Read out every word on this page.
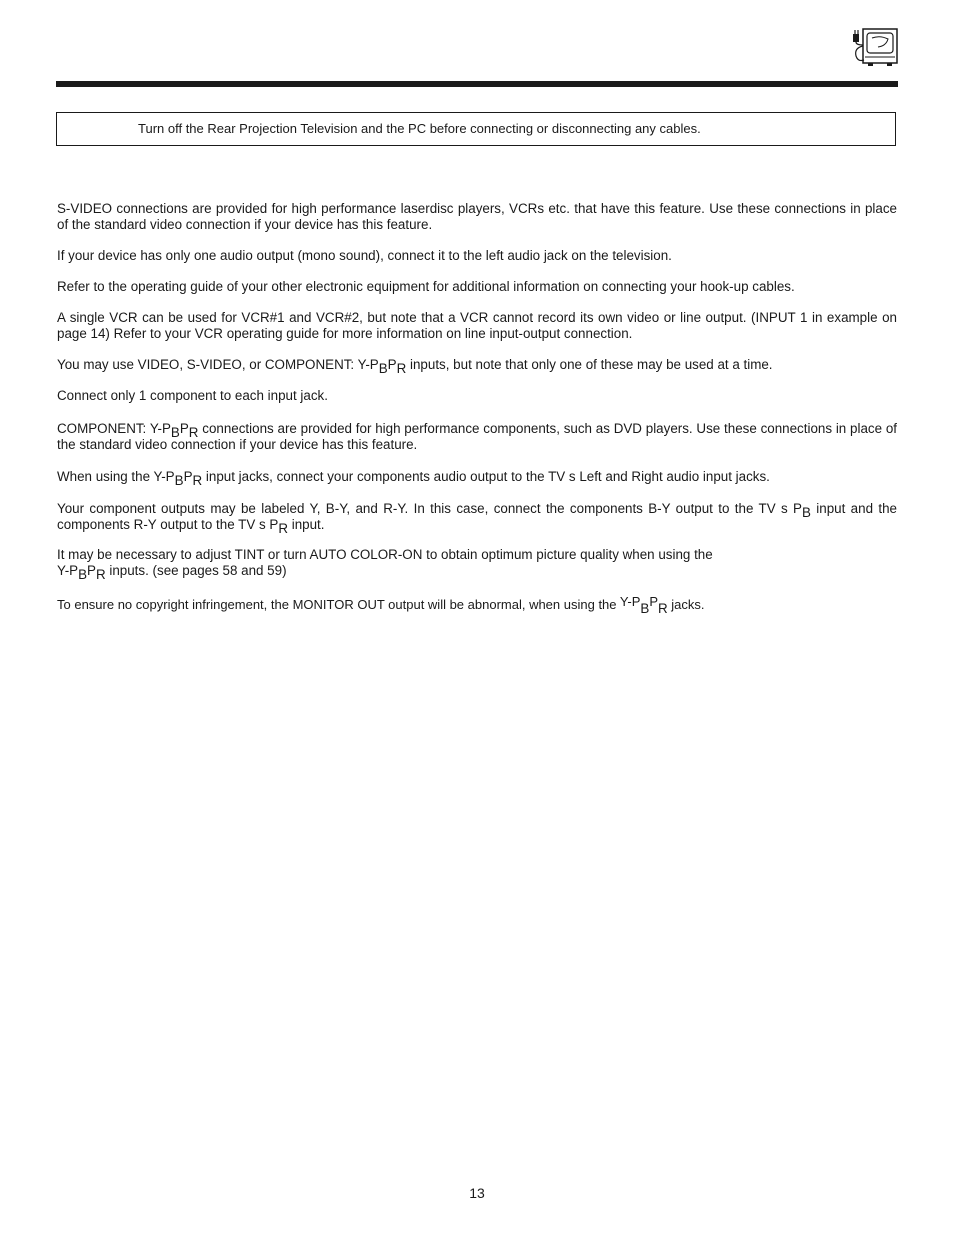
Turn off the Rear Projection Television and the PC before connecting or disconnecting any cables.

S-VIDEO connections are provided for high performance laserdisc players, VCRs etc. that have this feature. Use these connections in place of the standard video connection if your device has this feature.

If your device has only one audio output (mono sound), connect it to the left audio jack on the television.

Refer to the operating guide of your other electronic equipment for additional information on connecting your hook-up cables.

A single VCR can be used for VCR#1 and VCR#2, but note that a VCR cannot record its own video or line output. (INPUT 1 in example on page 14) Refer to your VCR operating guide for more information on line input-output connection.

You may use VIDEO, S-VIDEO, or COMPONENT: $Y-P_BP_R$ inputs, but note that only one of these may be used at a time.

Connect only 1 component to each input jack.

COMPONENT: $Y-P_BP_R$ connections are provided for high performance components, such as DVD players. Use these connections in place of the standard video connection if your device has this feature.

When using the $Y-P_BP_R$ input jacks, connect your components audio output to the TV s Left and Right audio input jacks.

Your component outputs may be labeled Y, B-Y, and R-Y. In this case, connect the components B-Y output to the TV s $P_B$ input and the components R-Y output to the TV s $P_R$ input.

It may be necessary to adjust TINT or turn AUTO COLOR-ON to obtain optimum picture quality when using the
$Y-P_BP_R$ inputs. (see pages 58 and 59)

To ensure no copyright infringement, the MONITOR OUT output will be abnormal, when using the $Y-P_BP_R$ jacks.

13
